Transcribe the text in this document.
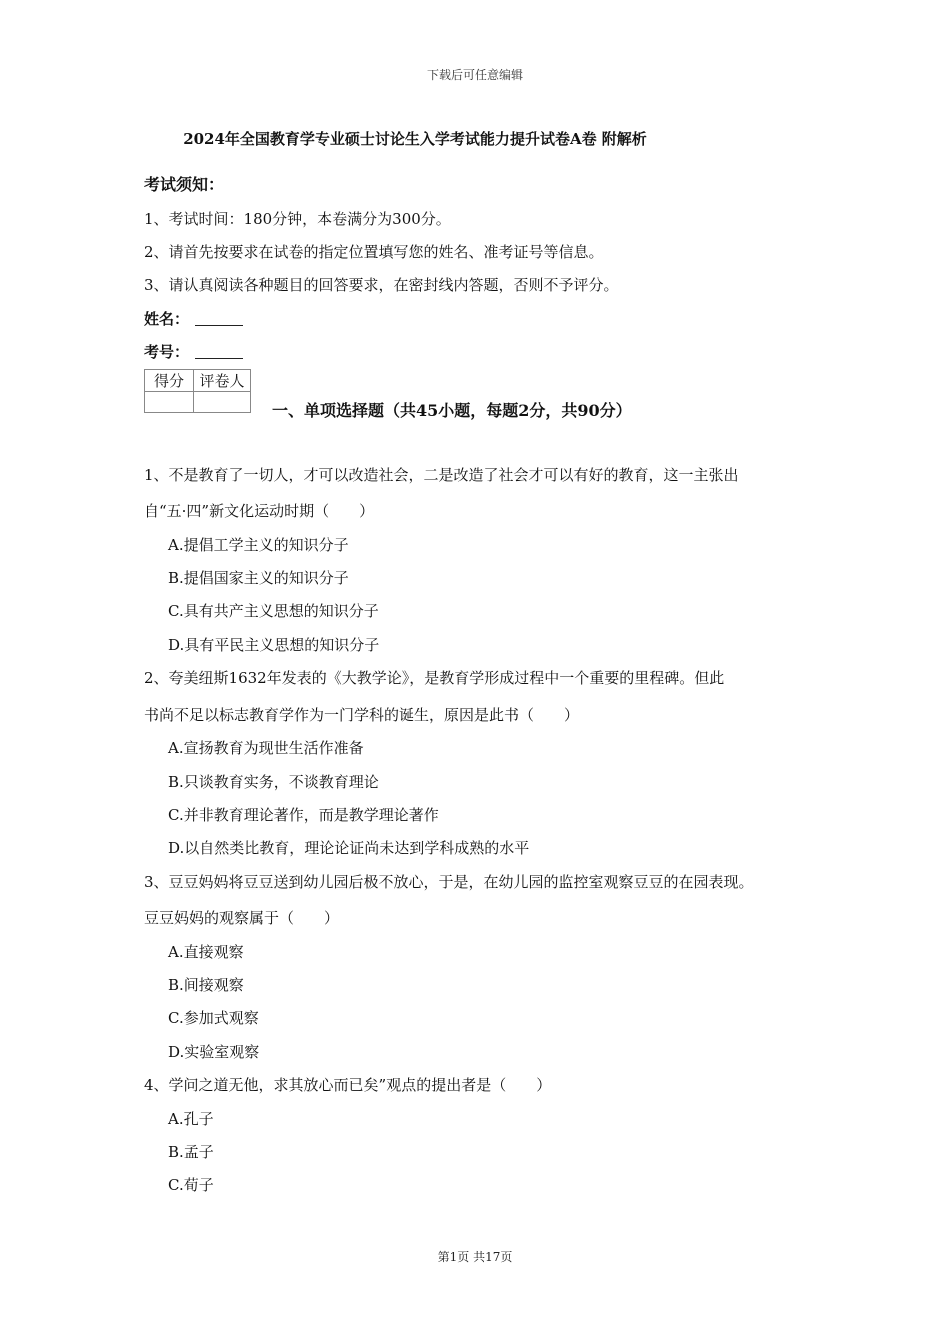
下载后可任意编辑
2024年全国教育学专业硕士讨论生入学考试能力提升试卷A卷 附解析
考试须知：
1、考试时间：180分钟，本卷满分为300分。
2、请首先按要求在试卷的指定位置填写您的姓名、准考证号等信息。
3、请认真阅读各种题目的回答要求，在密封线内答题，否则不予评分。
姓名：
考号：
得分	评卷人

一、单项选择题（共45小题，每题2分，共90分）
1、不是教育了一切人，才可以改造社会，二是改造了社会才可以有好的教育，这一主张出
自“五·四”新文化运动时期（　　）
A.提倡工学主义的知识分子
B.提倡国家主义的知识分子
C.具有共产主义思想的知识分子
D.具有平民主义思想的知识分子
2、夸美纽斯1632年发表的《大教学论》，是教育学形成过程中一个重要的里程碑。但此
书尚不足以标志教育学作为一门学科的诞生，原因是此书（　　）
A.宣扬教育为现世生活作准备
B.只谈教育实务，不谈教育理论
C.并非教育理论著作，而是教学理论著作
D.以自然类比教育，理论论证尚未达到学科成熟的水平
3、豆豆妈妈将豆豆送到幼儿园后极不放心，于是，在幼儿园的监控室观察豆豆的在园表现。
豆豆妈妈的观察属于（　　）
A.直接观察
B.间接观察
C.参加式观察
D.实验室观察
4、学问之道无他，求其放心而已矣”观点的提出者是（　　）
A.孔子
B.孟子
C.荀子
第1页 共17页
